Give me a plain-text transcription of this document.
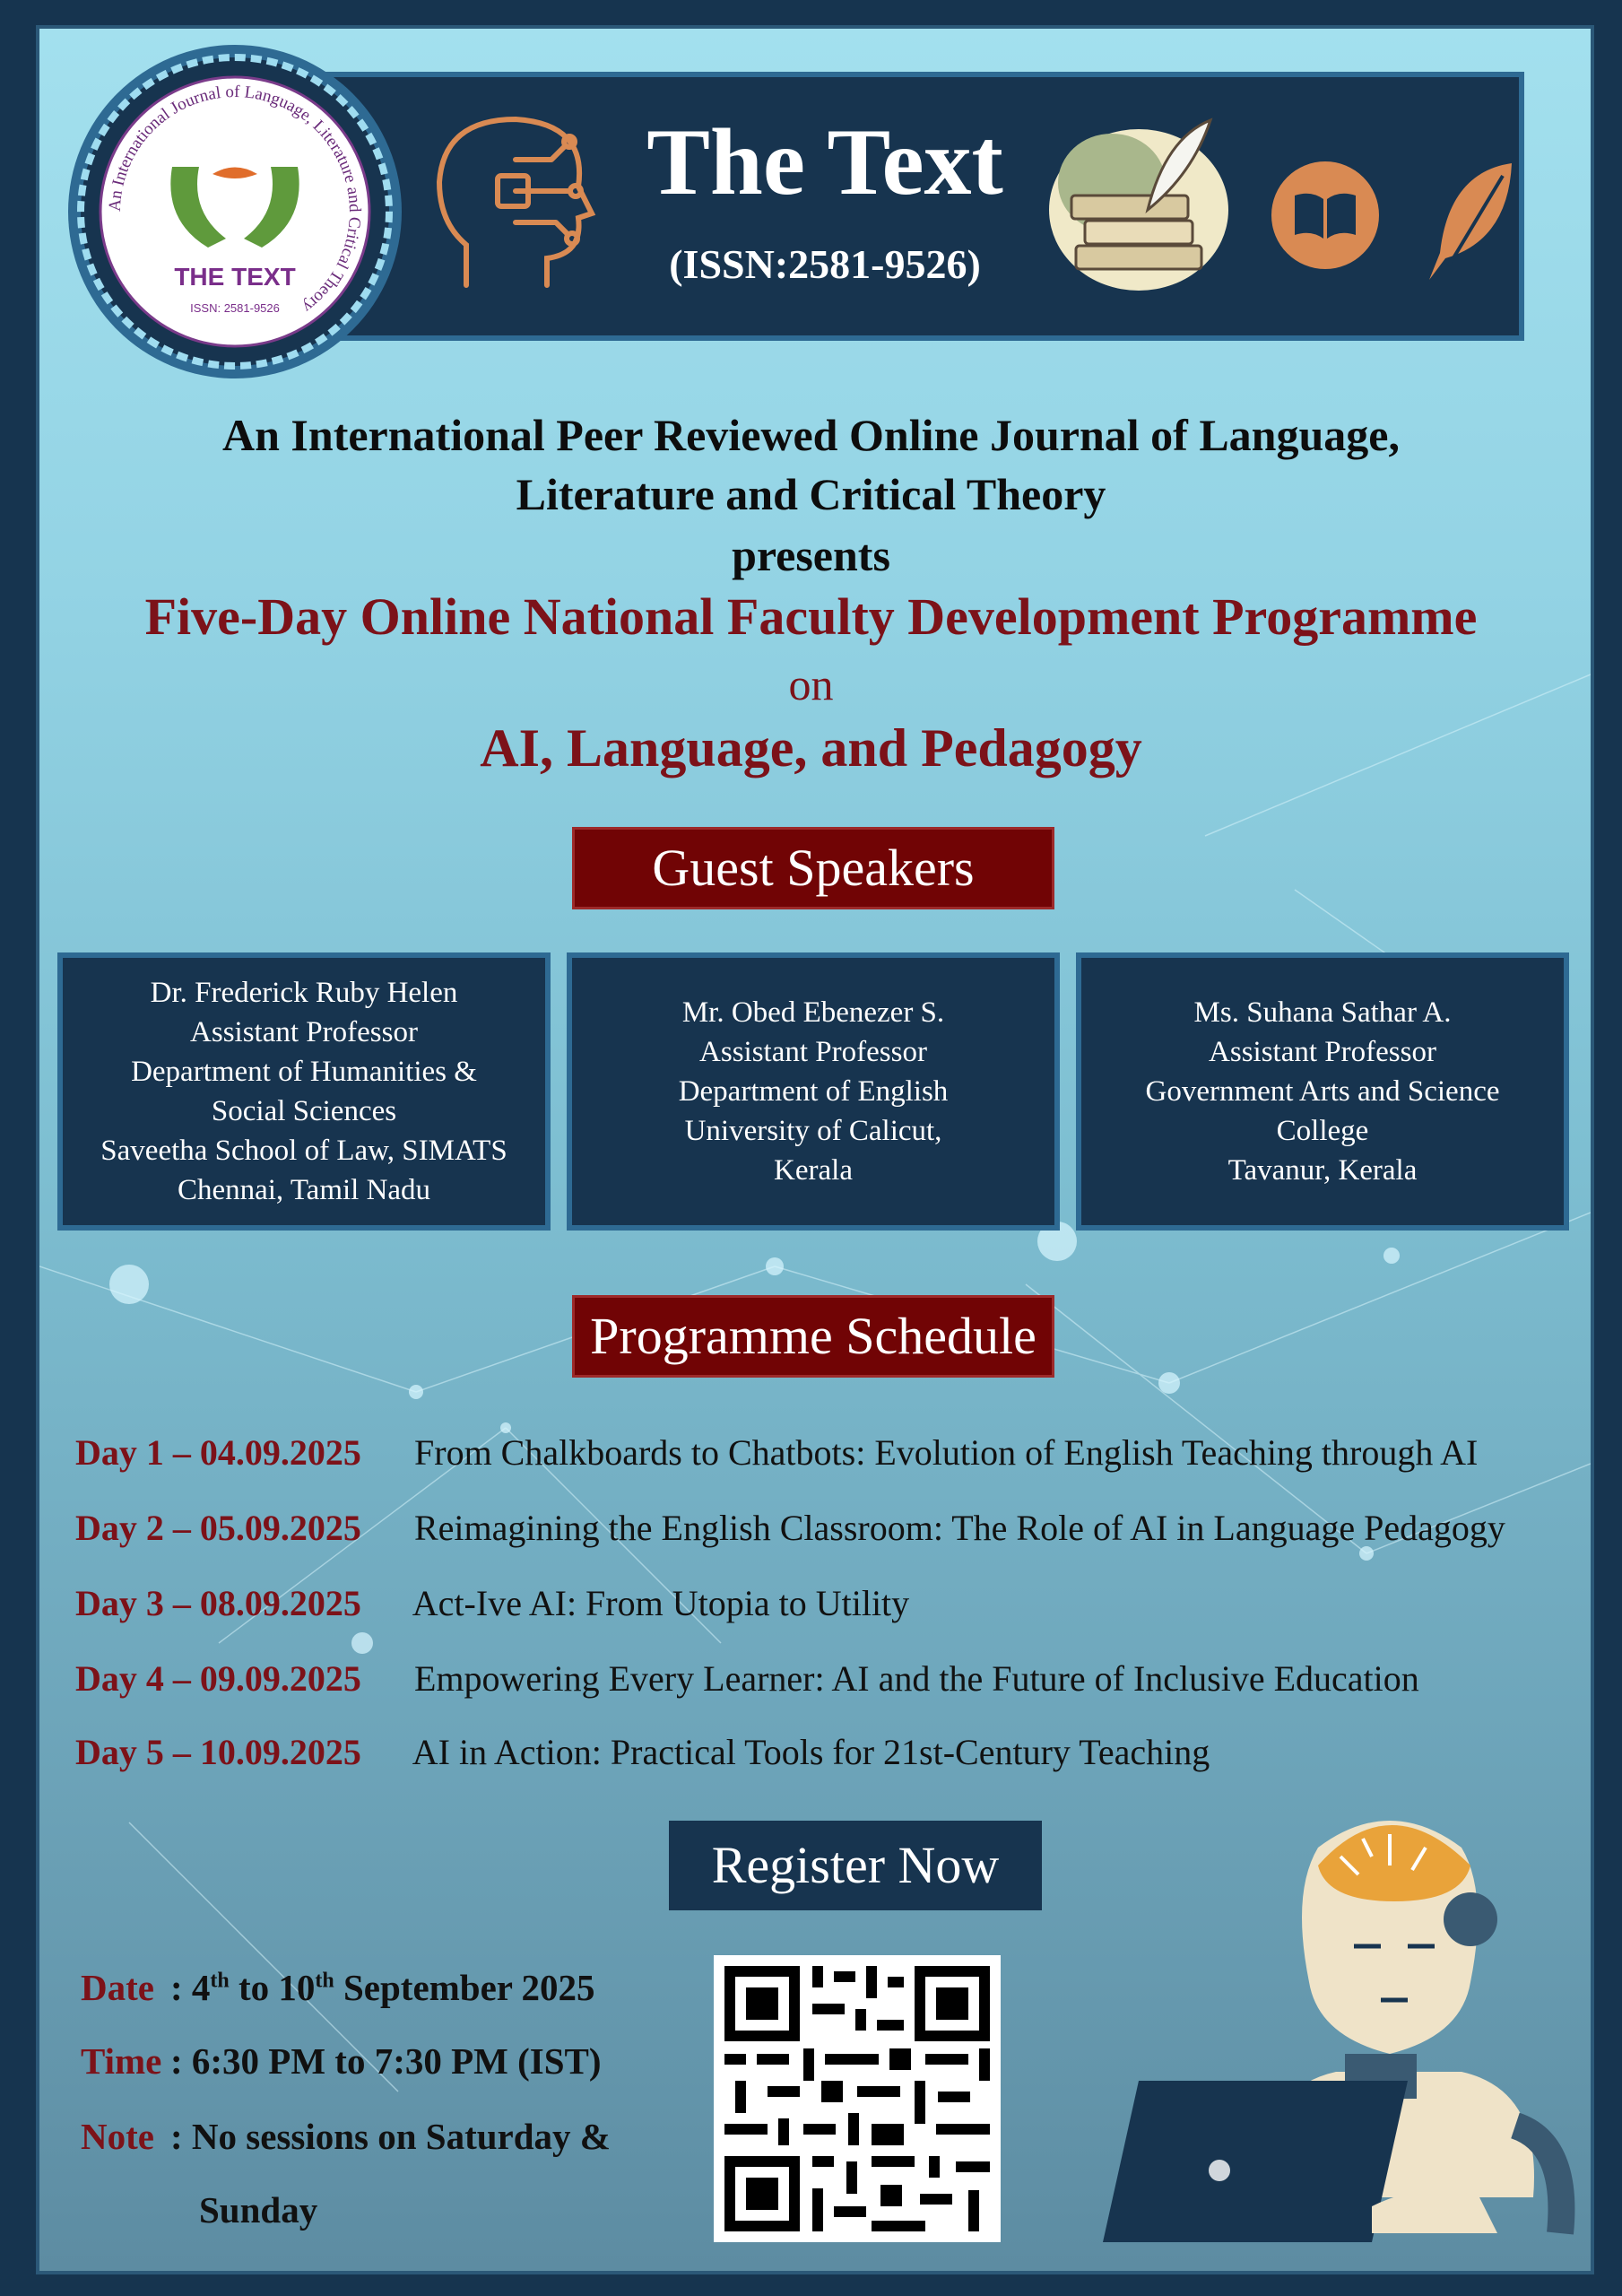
The Text
(ISSN:2581-9526)
An International Journal of Language, Literature and Critical Theory
THE TEXT
ISSN: 2581-9526
An International Peer Reviewed Online Journal of Language,
Literature and Critical Theory
presents
Five-Day Online National Faculty Development Programme
on
AI, Language, and Pedagogy
Guest Speakers
Dr. Frederick Ruby Helen
Assistant Professor
Department of Humanities &
Social Sciences
Saveetha School of Law, SIMATS
Chennai, Tamil Nadu
Mr. Obed Ebenezer S.
Assistant Professor
Department of English
University of Calicut,
Kerala
Ms. Suhana Sathar A.
Assistant Professor
Government Arts and Science
College
Tavanur, Kerala
Programme Schedule
Day 1 – 04.09.2025 From Chalkboards to Chatbots: Evolution of English Teaching through AI
Day 2 – 05.09.2025 Reimagining the English Classroom: The Role of AI in Language Pedagogy
Day 3 – 08.09.2025 Act-Ive AI: From Utopia to Utility
Day 4 – 09.09.2025 Empowering Every Learner: AI and the Future of Inclusive Education
Day 5 – 10.09.2025 AI in Action: Practical Tools for 21st-Century Teaching
Register Now
Date : 4th to 10th September 2025
Time : 6:30 PM to 7:30 PM (IST)
Note : No sessions on Saturday &
Sunday
